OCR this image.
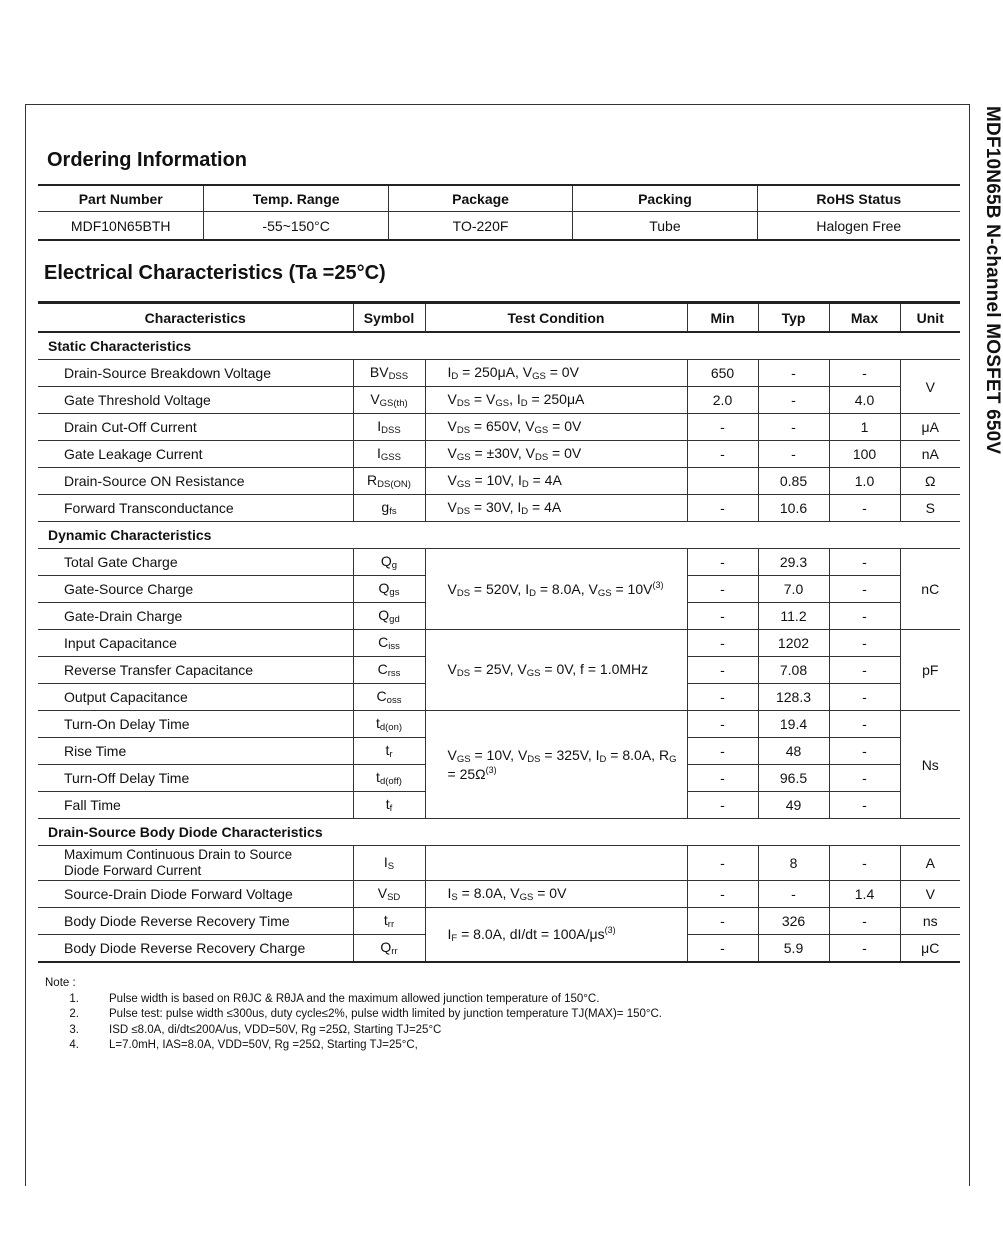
MDF10N65B N-channel MOSFET 650V
Ordering Information
Part Number	Temp. Range	Package	Packing	RoHS Status
MDF10N65BTH	-55~150°C	TO-220F	Tube	Halogen Free
Electrical Characteristics (Ta =25°C)
Characteristics	Symbol	Test Condition	Min	Typ	Max	Unit
Static Characteristics						
Drain-Source Breakdown Voltage	$BV_{DSS}$	$I_D = 250\mu A$, $V_{GS} = 0V$	650	-	-	V
Gate Threshold Voltage	$V_{GS(th)}$	$V_{DS} = V_{GS}$, $I_D = 250\mu A$	2.0	-	4.0	
Drain Cut-Off Current	$I_{DSS}$	$V_{DS} = 650V$, $V_{GS} = 0V$	-	-	1	μA
Gate Leakage Current	$I_{GSS}$	$V_{GS} = \pm 30V$, $V_{DS} = 0V$	-	-	100	nA
Drain-Source ON Resistance	$R_{DS(ON)}$	$V_{GS} = 10V$, $I_D = 4A$		0.85	1.0	Ω
Forward Transconductance	$g_{fs}$	$V_{DS} = 30V$, $I_D = 4A$	-	10.6	-	S
Dynamic Characteristics						
Total Gate Charge	$Q_g$	$V_{DS} = 520V$, $I_D = 8.0A$, $V_{GS} = 10V^{(3)}$	-	29.3	-	nC
Gate-Source Charge	$Q_{gs}$		-	7.0	-	
Gate-Drain Charge	$Q_{gd}$		-	11.2	-	
Input Capacitance	$C_{iss}$	$V_{DS} = 25V$, $V_{GS} = 0V$, f = 1.0MHz	-	1202	-	pF
Reverse Transfer Capacitance	$C_{rss}$		-	7.08	-	
Output Capacitance	$C_{oss}$		-	128.3	-	
Turn-On Delay Time	$t_{d(on)}$	$V_{GS} = 10V$, $V_{DS} = 325V$, $I_D = 8.0A$, $R_G = 25\Omega^{(3)}$	-	19.4	-	Ns
Rise Time	$t_r$		-	48	-	
Turn-Off Delay Time	$t_{d(off)}$		-	96.5	-	
Fall Time	$t_f$		-	49	-	
Drain-Source Body Diode Characteristics						
Maximum Continuous Drain to Source Diode Forward Current	$I_S$		-	8	-	A
Source-Drain Diode Forward Voltage	$V_{SD}$	$I_S = 8.0A$, $V_{GS} = 0V$	-	-	1.4	V
Body Diode Reverse Recovery Time	$t_{rr}$	$I_F = 8.0A$, $dI/dt = 100A/\mu s^{(3)}$	-	326	-	ns
Body Diode Reverse Recovery Charge	$Q_{rr}$		-	5.9	-	μC
Note :
1.	Pulse width is based on RθJC & RθJA and the maximum allowed junction temperature of 150°C.
2.	Pulse test: pulse width ≤300us, duty cycle≤2%, pulse width limited by junction temperature TJ(MAX)= 150°C.
3.	ISD ≤8.0A, di/dt≤200A/us, VDD=50V, Rg =25Ω, Starting TJ=25°C
4.	L=7.0mH, IAS=8.0A, VDD=50V, Rg =25Ω, Starting TJ=25°C,
